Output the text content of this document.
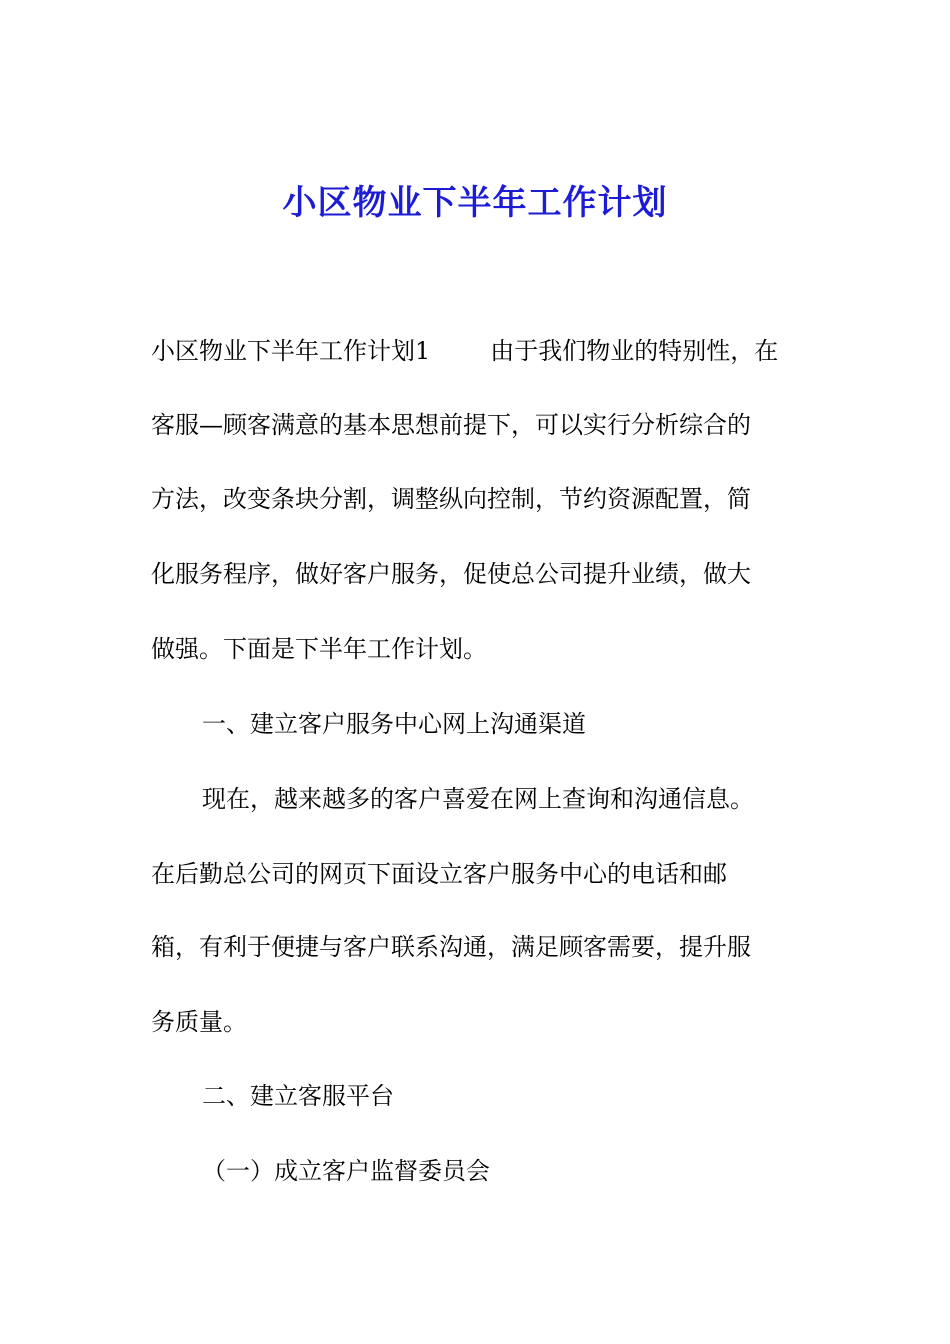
小区物业下半年工作计划

小区物业下半年工作计划1	由于我们物业的特别性，在

客服—顾客满意的基本思想前提下，可以实行分析综合的

方法，改变条块分割，调整纵向控制，节约资源配置，简

化服务程序，做好客户服务，促使总公司提升业绩，做大

做强。下面是下半年工作计划。

一、建立客户服务中心网上沟通渠道

现在，越来越多的客户喜爱在网上查询和沟通信息。

在后勤总公司的网页下面设立客户服务中心的电话和邮

箱，有利于便捷与客户联系沟通，满足顾客需要，提升服

务质量。

二、建立客服平台

（一）成立客户监督委员会
